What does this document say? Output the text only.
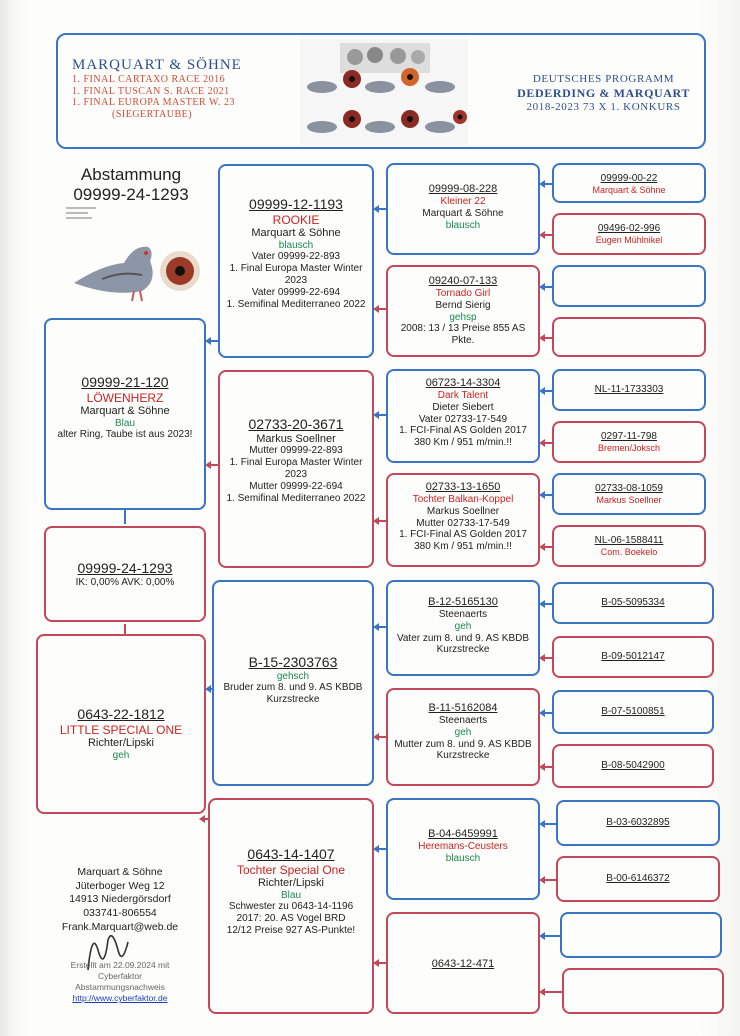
MARQUART & SÖHNE
1. FINAL CARTAXO RACE 2016
1. FINAL TUSCAN S. RACE 2021
1. FINAL EUROPA MASTER W. 23
(SIEGERTAUBE)
DEUTSCHES PROGRAMM
DEDERDING & MARQUART
2018-2023 73 X 1. KONKURS
Abstammung
09999-24-1293
09999-24-1293
IK: 0,00% AVK: 0,00%
09999-21-120
LÖWENHERZ
Marquart & Söhne
Blau
alter Ring, Taube ist aus 2023!
0643-22-1812
LITTLE SPECIAL ONE
Richter/Lipski
geh
09999-12-1193
ROOKIE
Marquart & Söhne
blausch
Vater 09999-22-893
1. Final Europa Master Winter 2023
Vater 09999-22-694
1. Semifinal Mediterraneo 2022
02733-20-3671
Markus Soellner
Mutter 09999-22-893
1. Final Europa Master Winter 2023
Mutter 09999-22-694
1. Semifinal Mediterraneo 2022
B-15-2303763
gehsch
Bruder zum 8. und 9. AS KBDB Kurzstrecke
0643-14-1407
Tochter Special One
Richter/Lipski
Blau
Schwester zu 0643-14-1196
2017: 20. AS Vogel BRD
12/12 Preise 927 AS-Punkte!
09999-08-228
Kleiner 22
Marquart & Söhne
blausch
09240-07-133
Tornado Girl
Bernd Sierig
gehsp
2008: 13 / 13 Preise 855 AS Pkte.
06723-14-3304
Dark Talent
Dieter Siebert
Vater 02733-17-549
1. FCI-Final AS Golden 2017
380 Km / 951 m/min.!!
02733-13-1650
Tochter Balkan-Koppel
Markus Soellner
Mutter 02733-17-549
1. FCI-Final AS Golden 2017
380 Km / 951 m/min.!!
B-12-5165130
Steenaerts
geh
Vater zum 8. und 9. AS KBDB Kurzstrecke
B-11-5162084
Steenaerts
geh
Mutter zum 8. und 9. AS KBDB Kurzstrecke
B-04-6459991
Heremans-Ceusters
blausch
0643-12-471
09999-00-22
Marquart & Söhne
09496-02-996
Eugen Mühlnikel
NL-11-1733303
0297-11-798
Bremen/Joksch
02733-08-1059
Markus Soellner
NL-06-1588411
Com. Boekelo
B-05-5095334
B-09-5012147
B-07-5100851
B-08-5042900
B-03-6032895
B-00-6146372
Marquart & Söhne
Jüterboger Weg 12
14913 Niedergörsdorf
033741-806554
Frank.Marquart@web.de
Erstellt am 22.09.2024 mit
Cyberfaktor
Abstammungsnachweis
http://www.cyberfaktor.de
